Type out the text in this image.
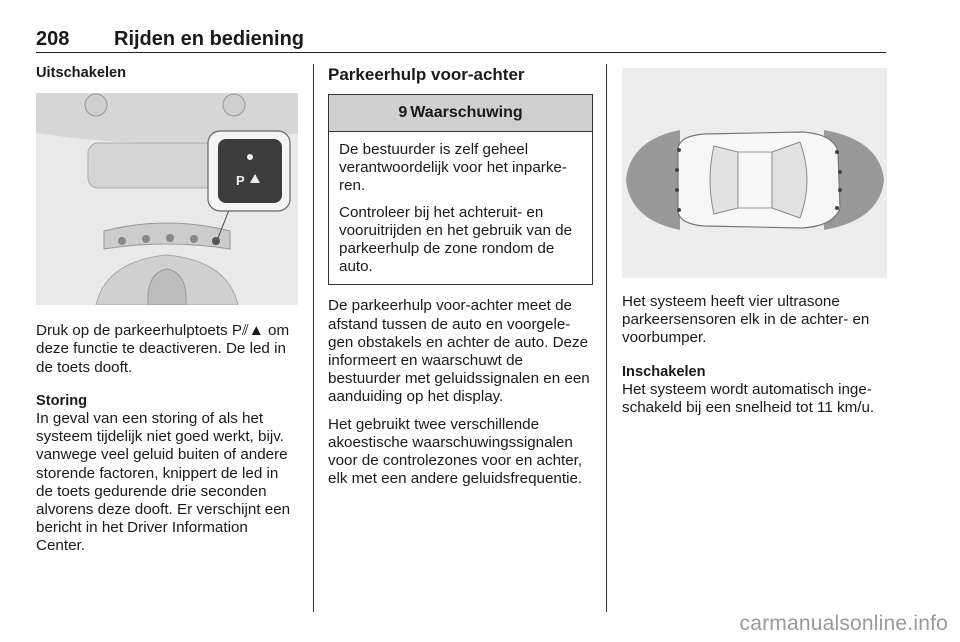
208 Rijden en bediening

Uitschakelen

P

Druk op de parkeerhulptoets P⫽▲ om deze functie te deactiveren. De led in de toets dooft.

Storing

In geval van een storing of als het systeem tijdelijk niet goed werkt, bijv. vanwege veel geluid buiten of andere storende factoren, knippert de led in de toets gedurende drie seconden alvorens deze dooft. Er verschijnt een bericht in het Driver Information Center.

Parkeerhulp voor-achter

9 Waarschuwing

De bestuurder is zelf geheel verantwoordelijk voor het inparke-ren.

Controleer bij het achteruit- en vooruitrijden en het gebruik van de parkeerhulp de zone rondom de auto.

De parkeerhulp voor-achter meet de afstand tussen de auto en voorgele-gen obstakels en achter de auto. Deze informeert en waarschuwt de bestuurder met geluidssignalen en een aanduiding op het display.

Het gebruikt twee verschillende akoestische waarschuwingssignalen voor de controlezones voor en achter, elk met een andere geluidsfrequentie.

Het systeem heeft vier ultrasone parkeersensoren elk in de achter- en voorbumper.

Inschakelen

Het systeem wordt automatisch inge-schakeld bij een snelheid tot 11 km/u.

carmanualsonline.info
